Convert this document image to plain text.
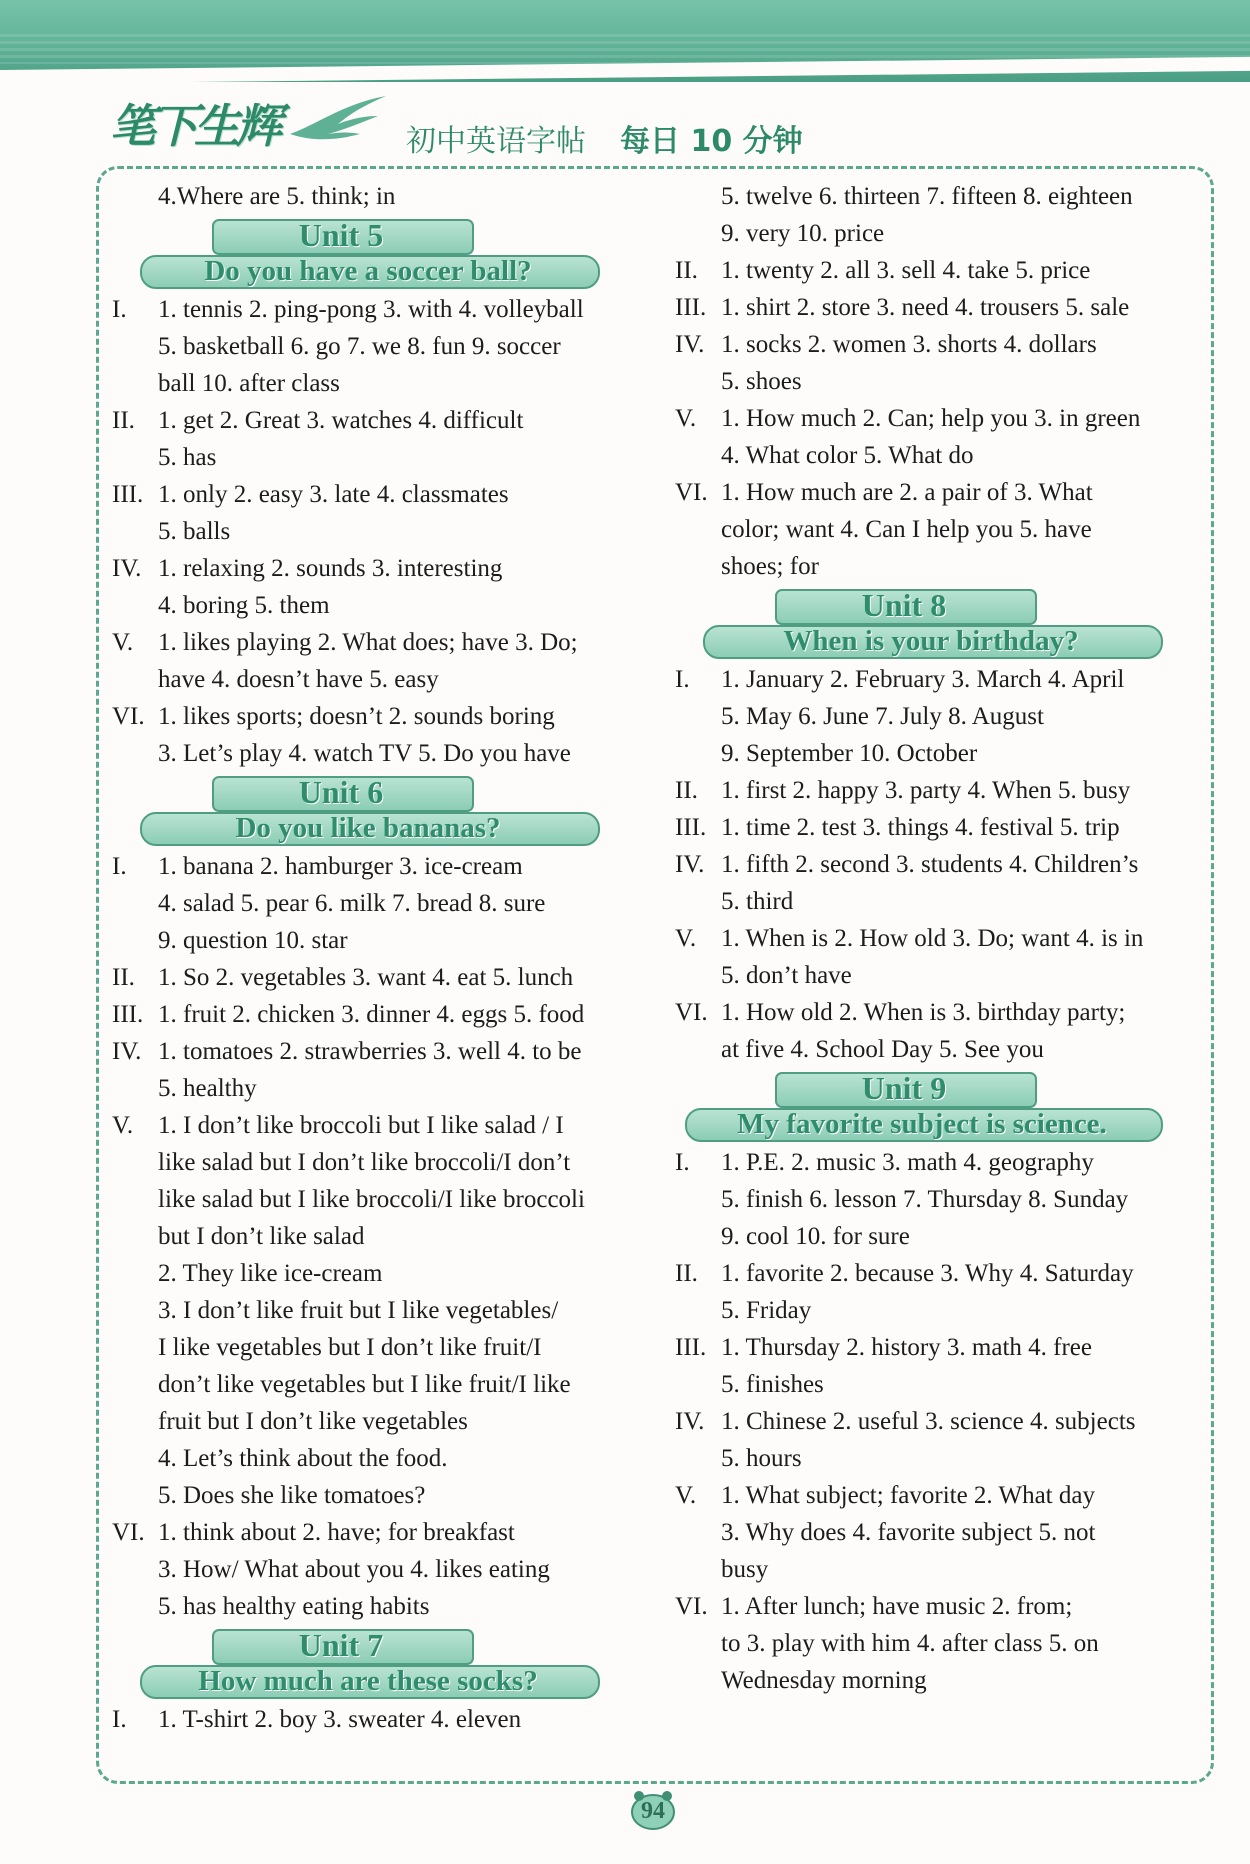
笔下生辉	初中英语字帖 每日 10 分钟
4.Where are 5. think; in
Unit 5
Do you have a soccer ball?
I. 1. tennis 2. ping-pong 3. with 4. volleyball
5. basketball 6. go 7. we 8. fun 9. soccer
ball 10. after class
II. 1. get 2. Great 3. watches 4. difficult
5. has
III. 1. only 2. easy 3. late 4. classmates
5. balls
IV. 1. relaxing 2. sounds 3. interesting
4. boring 5. them
V. 1. likes playing 2. What does; have 3. Do;
have 4. doesn’t have 5. easy
VI. 1. likes sports; doesn’t 2. sounds boring
3. Let’s play 4. watch TV 5. Do you have
Unit 6
Do you like bananas?
I. 1. banana 2. hamburger 3. ice-cream
4. salad 5. pear 6. milk 7. bread 8. sure
9. question 10. star
II. 1. So 2. vegetables 3. want 4. eat 5. lunch
III. 1. fruit 2. chicken 3. dinner 4. eggs 5. food
IV. 1. tomatoes 2. strawberries 3. well 4. to be
5. healthy
V. 1. I don’t like broccoli but I like salad / I
like salad but I don’t like broccoli/I don’t
like salad but I like broccoli/I like broccoli
but I don’t like salad
2. They like ice-cream
3. I don’t like fruit but I like vegetables/
I like vegetables but I don’t like fruit/I
don’t like vegetables but I like fruit/I like
fruit but I don’t like vegetables
4. Let’s think about the food.
5. Does she like tomatoes?
VI. 1. think about 2. have; for breakfast
3. How/ What about you 4. likes eating
5. has healthy eating habits
Unit 7
How much are these socks?
I. 1. T-shirt 2. boy 3. sweater 4. eleven
5. twelve 6. thirteen 7. fifteen 8. eighteen
9. very 10. price
II. 1. twenty 2. all 3. sell 4. take 5. price
III. 1. shirt 2. store 3. need 4. trousers 5. sale
IV. 1. socks 2. women 3. shorts 4. dollars
5. shoes
V. 1. How much 2. Can; help you 3. in green
4. What color 5. What do
VI. 1. How much are 2. a pair of 3. What
color; want 4. Can I help you 5. have
shoes; for
Unit 8
When is your birthday?
I. 1. January 2. February 3. March 4. April
5. May 6. June 7. July 8. August
9. September 10. October
II. 1. first 2. happy 3. party 4. When 5. busy
III. 1. time 2. test 3. things 4. festival 5. trip
IV. 1. fifth 2. second 3. students 4. Children’s
5. third
V. 1. When is 2. How old 3. Do; want 4. is in
5. don’t have
VI. 1. How old 2. When is 3. birthday party;
at five 4. School Day 5. See you
Unit 9
My favorite subject is science.
I. 1. P.E. 2. music 3. math 4. geography
5. finish 6. lesson 7. Thursday 8. Sunday
9. cool 10. for sure
II. 1. favorite 2. because 3. Why 4. Saturday
5. Friday
III. 1. Thursday 2. history 3. math 4. free
5. finishes
IV. 1. Chinese 2. useful 3. science 4. subjects
5. hours
V. 1. What subject; favorite 2. What day
3. Why does 4. favorite subject 5. not
busy
VI. 1. After lunch; have music 2. from;
to 3. play with him 4. after class 5. on
Wednesday morning
94
